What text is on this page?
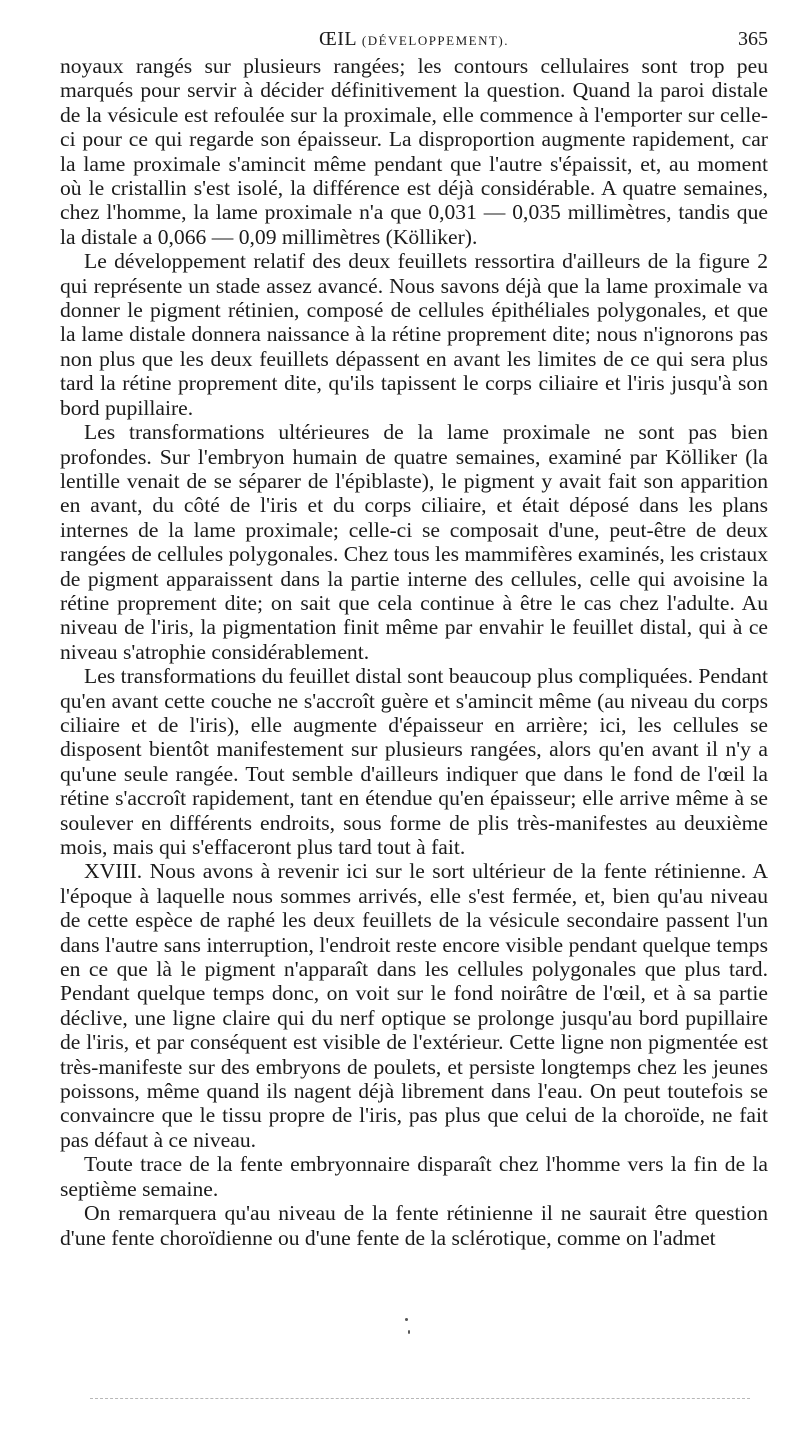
ŒIL (DÉVELOPPEMENT).	365

noyaux rangés sur plusieurs rangées; les contours cellulaires sont trop peu marqués pour servir à décider définitivement la question. Quand la paroi distale de la vésicule est refoulée sur la proximale, elle commence à l'emporter sur celle-ci pour ce qui regarde son épaisseur. La disproportion augmente rapidement, car la lame proximale s'amincit même pendant que l'autre s'épaissit, et, au moment où le cristallin s'est isolé, la différence est déjà considérable. A quatre semaines, chez l'homme, la lame proximale n'a que 0,031 — 0,035 millimètres, tandis que la distale a 0,066 — 0,09 millimètres (Kölliker).

Le développement relatif des deux feuillets ressortira d'ailleurs de la figure 2 qui représente un stade assez avancé. Nous savons déjà que la lame proximale va donner le pigment rétinien, composé de cellules épithéliales polygonales, et que la lame distale donnera naissance à la rétine proprement dite; nous n'ignorons pas non plus que les deux feuillets dépassent en avant les limites de ce qui sera plus tard la rétine proprement dite, qu'ils tapissent le corps ciliaire et l'iris jusqu'à son bord pupillaire.

Les transformations ultérieures de la lame proximale ne sont pas bien profondes. Sur l'embryon humain de quatre semaines, examiné par Kölliker (la lentille venait de se séparer de l'épiblaste), le pigment y avait fait son apparition en avant, du côté de l'iris et du corps ciliaire, et était déposé dans les plans internes de la lame proximale; celle-ci se composait d'une, peut-être de deux rangées de cellules polygonales. Chez tous les mammifères examinés, les cristaux de pigment apparaissent dans la partie interne des cellules, celle qui avoisine la rétine proprement dite; on sait que cela continue à être le cas chez l'adulte. Au niveau de l'iris, la pigmentation finit même par envahir le feuillet distal, qui à ce niveau s'atrophie considérablement.

Les transformations du feuillet distal sont beaucoup plus compliquées. Pendant qu'en avant cette couche ne s'accroît guère et s'amincit même (au niveau du corps ciliaire et de l'iris), elle augmente d'épaisseur en arrière; ici, les cellules se disposent bientôt manifestement sur plusieurs rangées, alors qu'en avant il n'y a qu'une seule rangée. Tout semble d'ailleurs indiquer que dans le fond de l'œil la rétine s'accroît rapidement, tant en étendue qu'en épaisseur; elle arrive même à se soulever en différents endroits, sous forme de plis très-manifestes au deuxième mois, mais qui s'effaceront plus tard tout à fait.

XVIII. Nous avons à revenir ici sur le sort ultérieur de la fente rétinienne. A l'époque à laquelle nous sommes arrivés, elle s'est fermée, et, bien qu'au niveau de cette espèce de raphé les deux feuillets de la vésicule secondaire passent l'un dans l'autre sans interruption, l'endroit reste encore visible pendant quelque temps en ce que là le pigment n'apparaît dans les cellules polygonales que plus tard. Pendant quelque temps donc, on voit sur le fond noirâtre de l'œil, et à sa partie déclive, une ligne claire qui du nerf optique se prolonge jusqu'au bord pupillaire de l'iris, et par conséquent est visible de l'extérieur. Cette ligne non pigmentée est très-manifeste sur des embryons de poulets, et persiste longtemps chez les jeunes poissons, même quand ils nagent déjà librement dans l'eau. On peut toutefois se convaincre que le tissu propre de l'iris, pas plus que celui de la choroïde, ne fait pas défaut à ce niveau.

Toute trace de la fente embryonnaire disparaît chez l'homme vers la fin de la septième semaine.

On remarquera qu'au niveau de la fente rétinienne il ne saurait être question d'une fente choroïdienne ou d'une fente de la sclérotique, comme on l'admet
